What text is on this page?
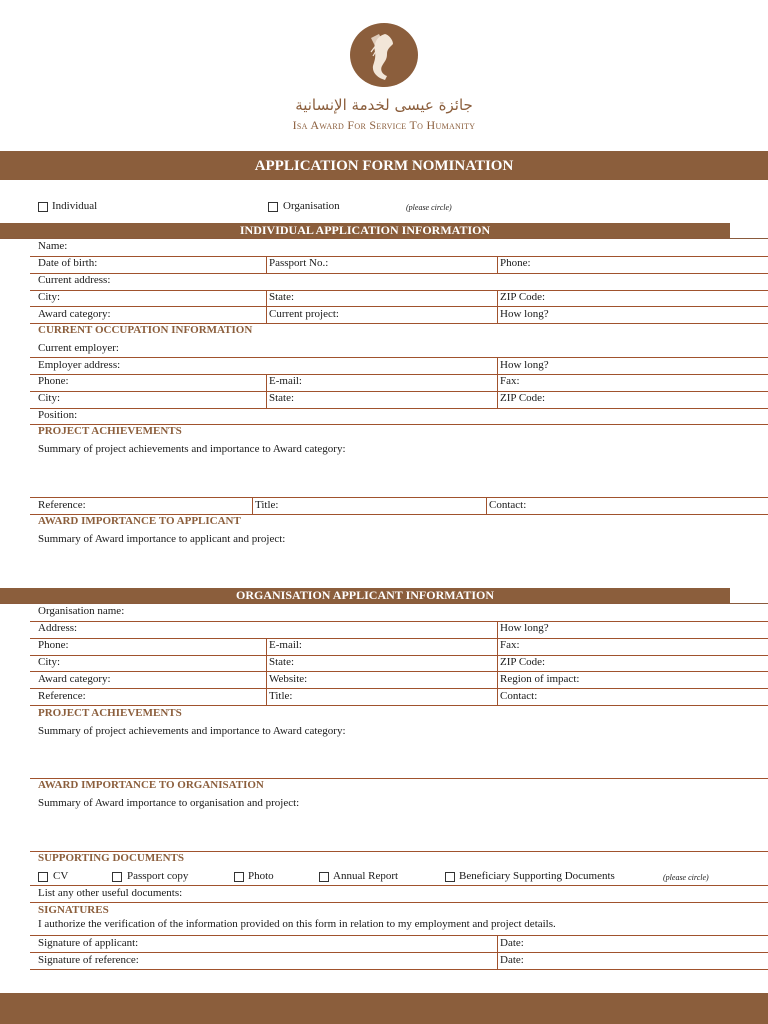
جائزة عيسى لخدمة الإنسانية
Isa Award For Service To Humanity
APPLICATION FORM NOMINATION
Individual	Organisation	(please circle)
INDIVIDUAL APPLICATION INFORMATION
Name:
Date of birth:	Passport No.:	Phone:
Current address:
City:	State:	ZIP Code:
Award category:	Current project:	How long?
CURRENT OCCUPATION INFORMATION
Current employer:
Employer address:	How long?
Phone:	E-mail:	Fax:
City:	State:	ZIP Code:
Position:
PROJECT ACHIEVEMENTS
Summary of project achievements and importance to Award category:
Reference:	Title:	Contact:
AWARD IMPORTANCE TO APPLICANT
Summary of Award importance to applicant and project:
ORGANISATION APPLICANT INFORMATION
Organisation name:
Address:	How long?
Phone:	E-mail:	Fax:
City:	State:	ZIP Code:
Award category:	Website:	Region of impact:
Reference:	Title:	Contact:
PROJECT ACHIEVEMENTS
Summary of project achievements and importance to Award category:
AWARD IMPORTANCE TO ORGANISATION
Summary of Award importance to organisation and project:
SUPPORTING DOCUMENTS
CV	Passport copy	Photo	Annual Report	Beneficiary Supporting Documents	(please circle)
List any other useful documents:
SIGNATURES
I authorize the verification of the information provided on this form in relation to my employment and project details.
Signature of applicant:	Date:
Signature of reference:	Date:
